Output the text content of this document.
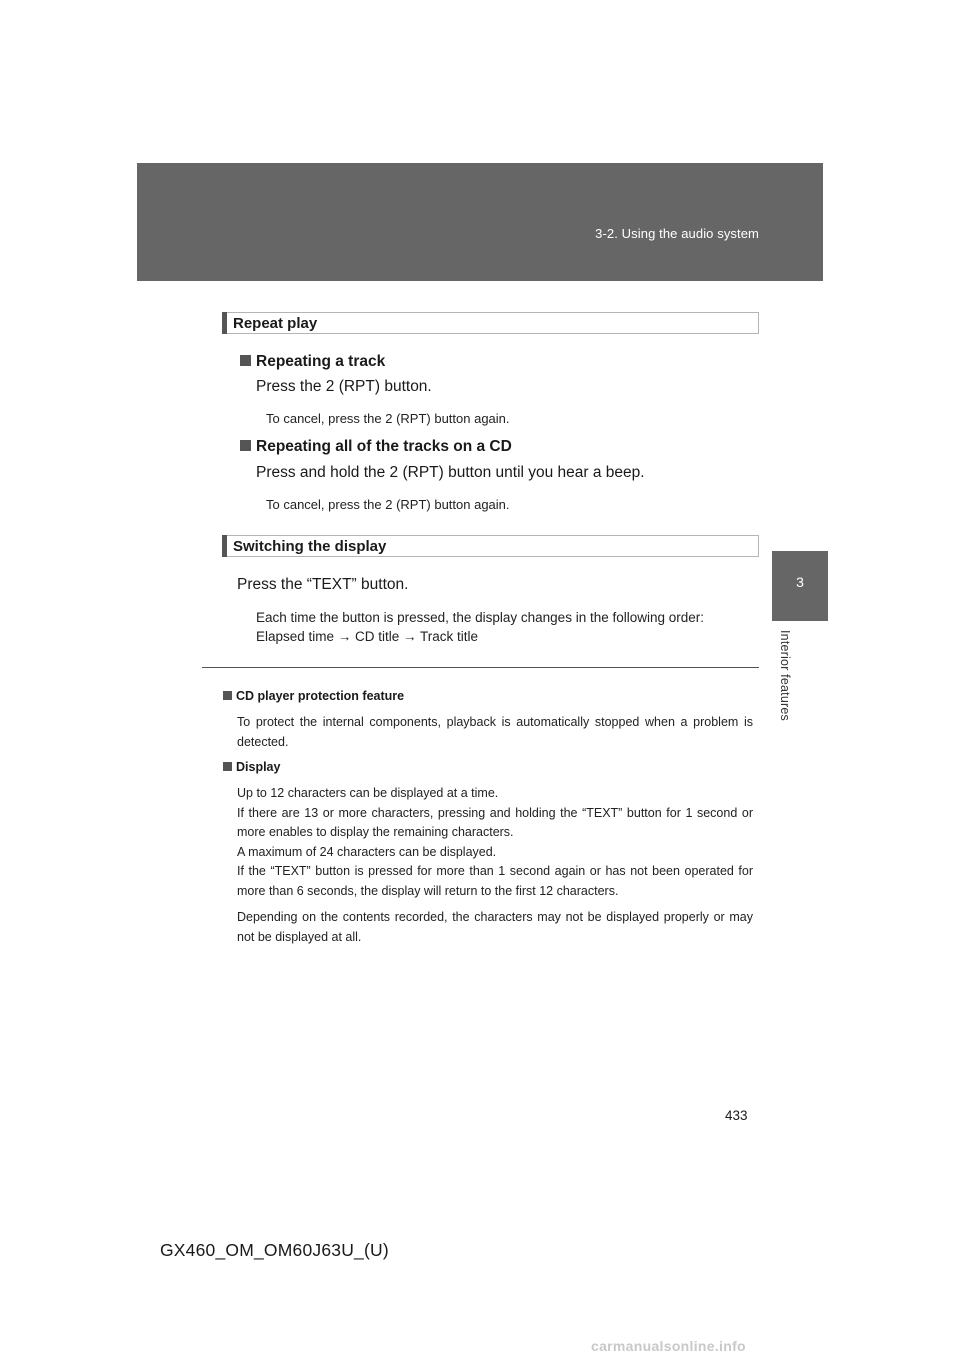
3-2. Using the audio system
3
Interior features
Repeat play
Repeating a track
Press the 2 (RPT) button.
To cancel, press the 2 (RPT) button again.
Repeating all of the tracks on a CD
Press and hold the 2 (RPT) button until you hear a beep.
To cancel, press the 2 (RPT) button again.
Switching the display
Press the “TEXT” button.
Each time the button is pressed, the display changes in the following order:
Elapsed time → CD title → Track title
CD player protection feature

To protect the internal components, playback is automatically stopped when a problem is detected.

Display

Up to 12 characters can be displayed at a time.

If there are 13 or more characters, pressing and holding the “TEXT” button for 1 second or more enables to display the remaining characters.

A maximum of 24 characters can be displayed.

If the “TEXT” button is pressed for more than 1 second again or has not been operated for more than 6 seconds, the display will return to the first 12 characters.

Depending on the contents recorded, the characters may not be displayed properly or may not be displayed at all.

433
GX460_OM_OM60J63U_(U)
carmanualsonline.info
